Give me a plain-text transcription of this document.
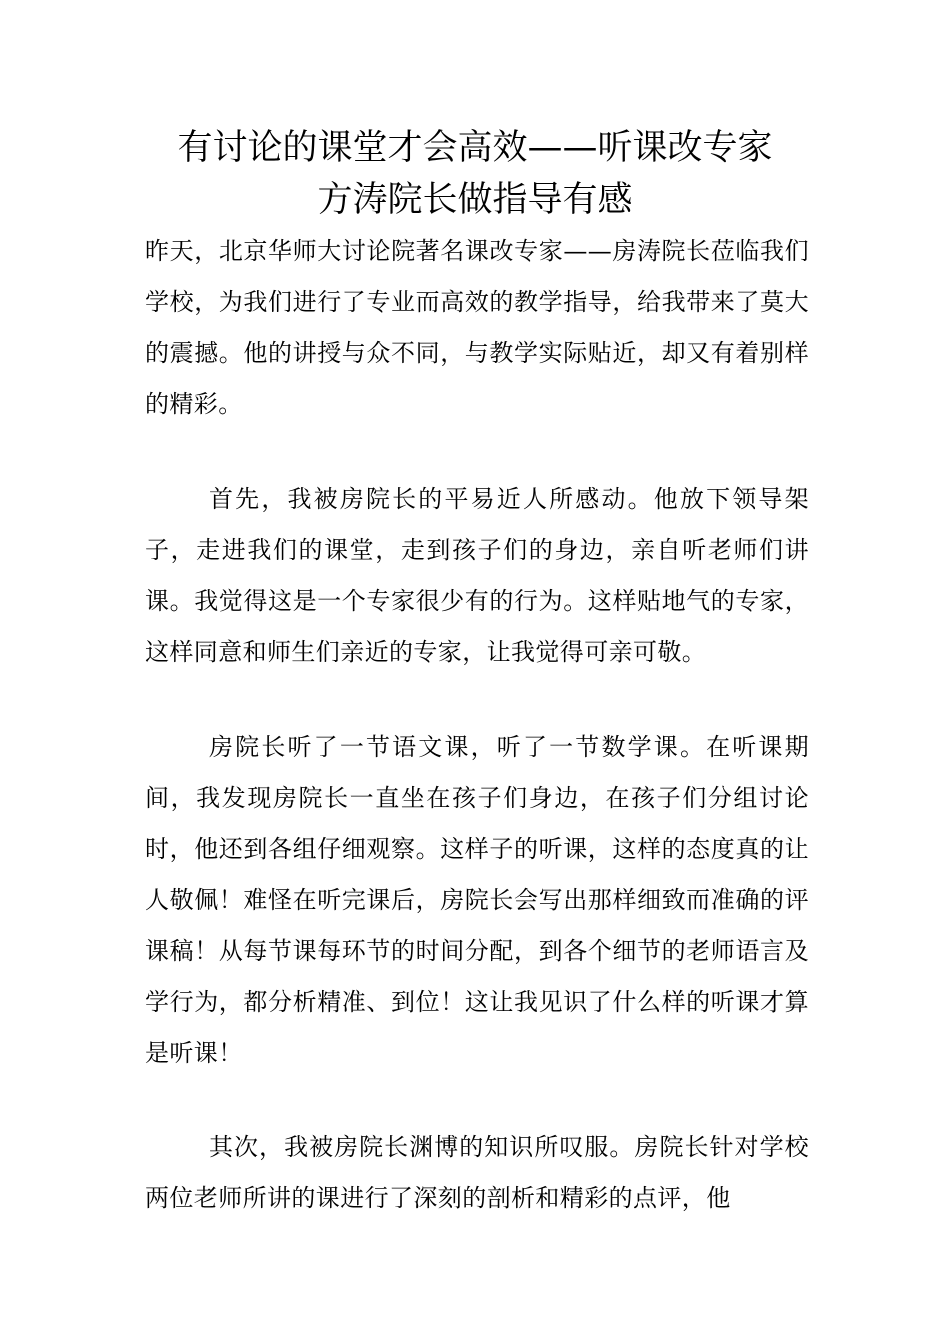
有讨论的课堂才会高效——听课改专家
方涛院长做指导有感

昨天，北京华师大讨论院著名课改专家——房涛院长莅临我们学校，为我们进行了专业而高效的教学指导，给我带来了莫大的震撼。他的讲授与众不同，与教学实际贴近，却又有着别样的精彩。

首先，我被房院长的平易近人所感动。他放下领导架子，走进我们的课堂，走到孩子们的身边，亲自听老师们讲课。我觉得这是一个专家很少有的行为。这样贴地气的专家，这样同意和师生们亲近的专家，让我觉得可亲可敬。

房院长听了一节语文课，听了一节数学课。在听课期间，我发现房院长一直坐在孩子们身边，在孩子们分组讨论时，他还到各组仔细观察。这样子的听课，这样的态度真的让人敬佩！难怪在听完课后，房院长会写出那样细致而准确的评课稿！从每节课每环节的时间分配，到各个细节的老师语言及学行为，都分析精准、到位！这让我见识了什么样的听课才算是听课！

其次，我被房院长渊博的知识所叹服。房院长针对学校两位老师所讲的课进行了深刻的剖析和精彩的点评，他
